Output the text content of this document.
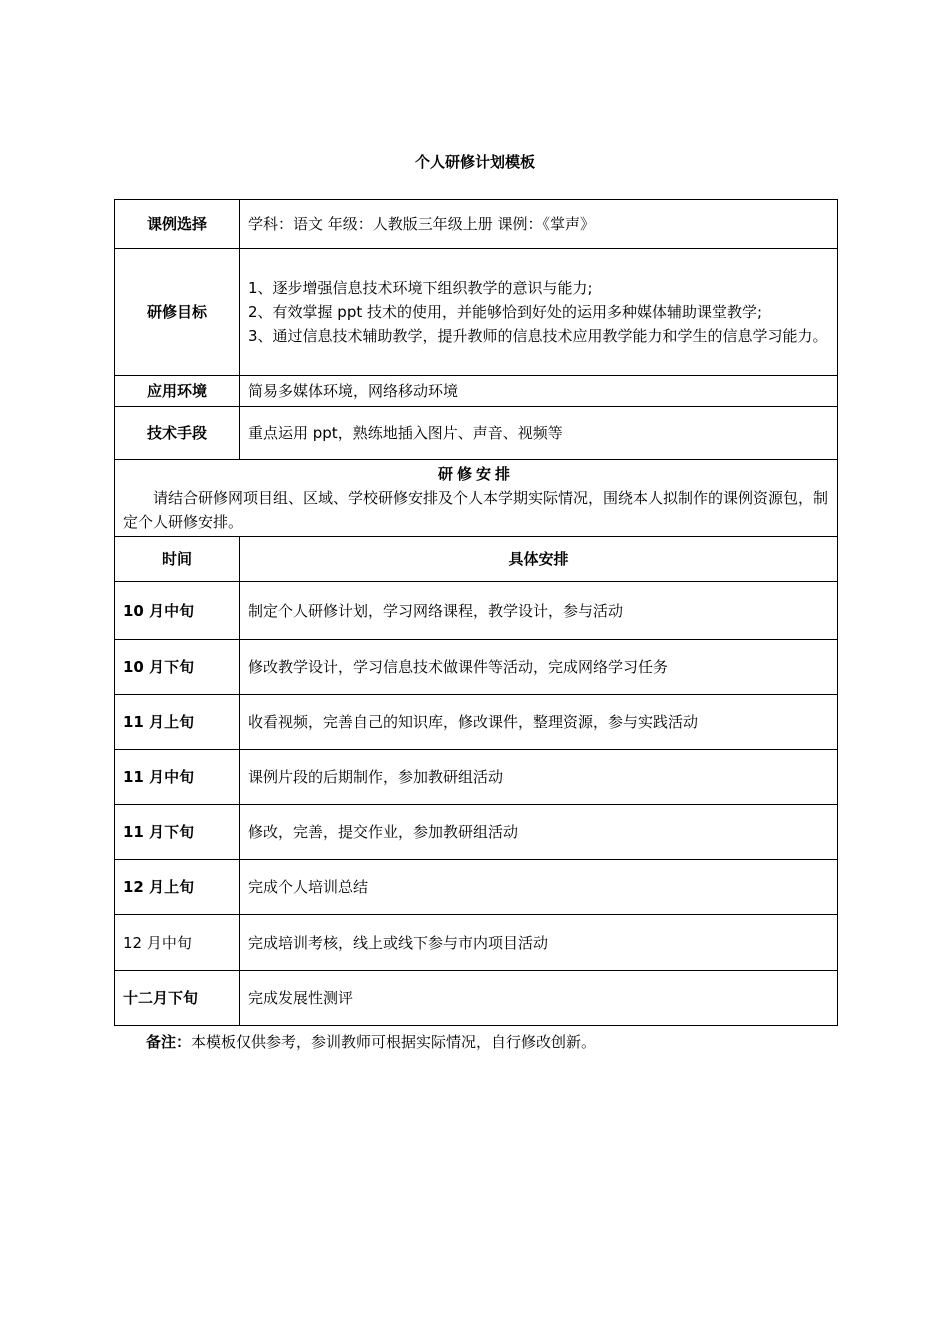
个人研修计划模板
课例选择	学科：语文 年级：人教版三年级上册 课例：《掌声》
研修目标	1、逐步增强信息技术环境下组织教学的意识与能力;
2、有效掌握 ppt 技术的使用，并能够恰到好处的运用多种媒体辅助课堂教学;
3、通过信息技术辅助教学，提升教师的信息技术应用教学能力和学生的信息学习能力。

应用环境	简易多媒体环境，网络移动环境
技术手段	重点运用 ppt，熟练地插入图片、声音、视频等

研修安排
请结合研修网项目组、区域、学校研修安排及个人本学期实际情况，围绕本人拟制作的课例资源包，制定个人研修安排。	

时间	具体安排
10 月中旬	制定个人研修计划，学习网络课程，教学设计，参与活动
10 月下旬	修改教学设计，学习信息技术做课件等活动，完成网络学习任务
11 月上旬	收看视频，完善自己的知识库，修改课件，整理资源，参与实践活动
11 月中旬	课例片段的后期制作，参加教研组活动
11 月下旬	修改，完善，提交作业，参加教研组活动
12 月上旬	完成个人培训总结
12 月中旬	完成培训考核，线上或线下参与市内项目活动
十二月下旬	完成发展性测评
备注：本模板仅供参考，参训教师可根据实际情况，自行修改创新。
